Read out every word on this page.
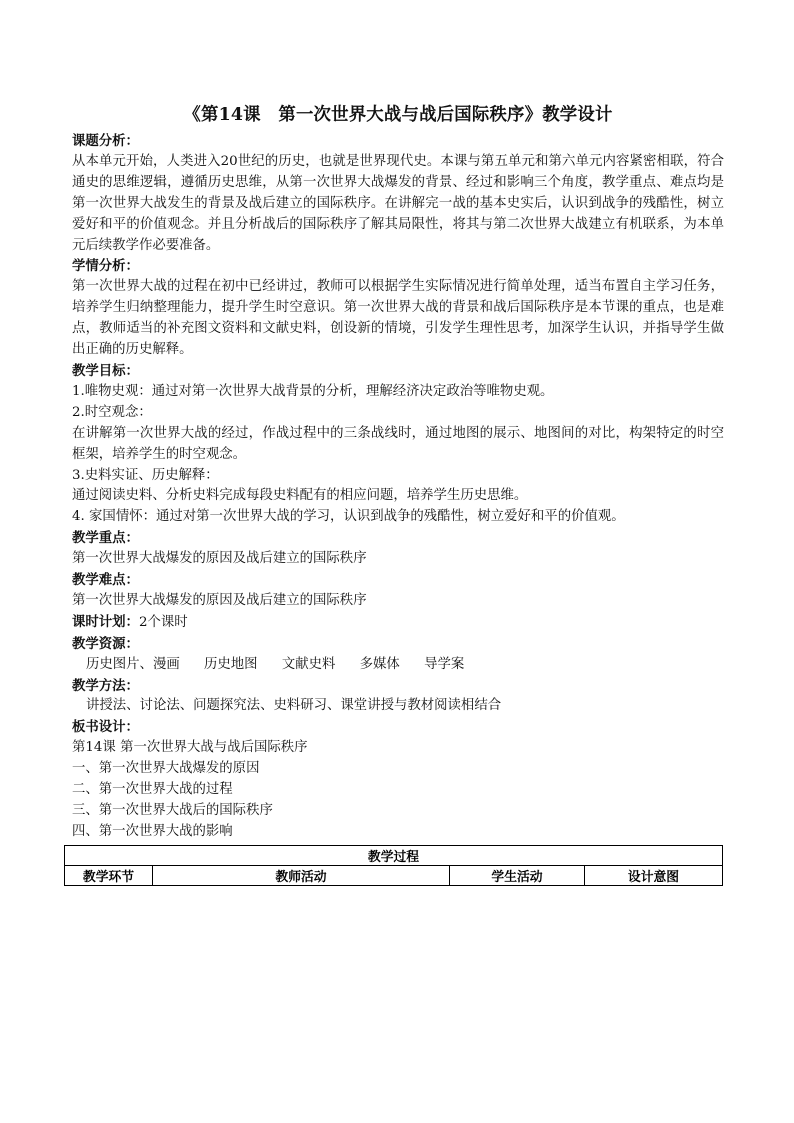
《第14课　第一次世界大战与战后国际秩序》教学设计
课题分析：
从本单元开始，人类进入20世纪的历史，也就是世界现代史。本课与第五单元和第六单元内容紧密相联，符合通史的思维逻辑，遵循历史思维，从第一次世界大战爆发的背景、经过和影响三个角度，教学重点、难点均是第一次世界大战发生的背景及战后建立的国际秩序。在讲解完一战的基本史实后，认识到战争的残酷性，树立爱好和平的价值观念。并且分析战后的国际秩序了解其局限性，将其与第二次世界大战建立有机联系，为本单元后续教学作必要准备。
学情分析：
第一次世界大战的过程在初中已经讲过，教师可以根据学生实际情况进行简单处理，适当布置自主学习任务，培养学生归纳整理能力，提升学生时空意识。第一次世界大战的背景和战后国际秩序是本节课的重点，也是难点，教师适当的补充图文资料和文献史料，创设新的情境，引发学生理性思考，加深学生认识，并指导学生做出正确的历史解释。
教学目标：
1.唯物史观：通过对第一次世界大战背景的分析，理解经济决定政治等唯物史观。
2.时空观念：
在讲解第一次世界大战的经过，作战过程中的三条战线时，通过地图的展示、地图间的对比，构架特定的时空框架，培养学生的时空观念。
3.史料实证、历史解释：
通过阅读史料、分析史料完成每段史料配有的相应问题，培养学生历史思维。
4. 家国情怀：通过对第一次世界大战的学习，认识到战争的残酷性，树立爱好和平的价值观。
教学重点：
第一次世界大战爆发的原因及战后建立的国际秩序
教学难点：
第一次世界大战爆发的原因及战后建立的国际秩序
课时计划：2个课时
教学资源：
历史图片、漫画 历史地图 文献史料 多媒体 导学案
教学方法：
讲授法、讨论法、问题探究法、史料研习、课堂讲授与教材阅读相结合
板书设计：
第14课 第一次世界大战与战后国际秩序
一、第一次世界大战爆发的原因
二、第一次世界大战的过程
三、第一次世界大战后的国际秩序
四、第一次世界大战的影响
教学过程
教学环节	教师活动	学生活动	设计意图
